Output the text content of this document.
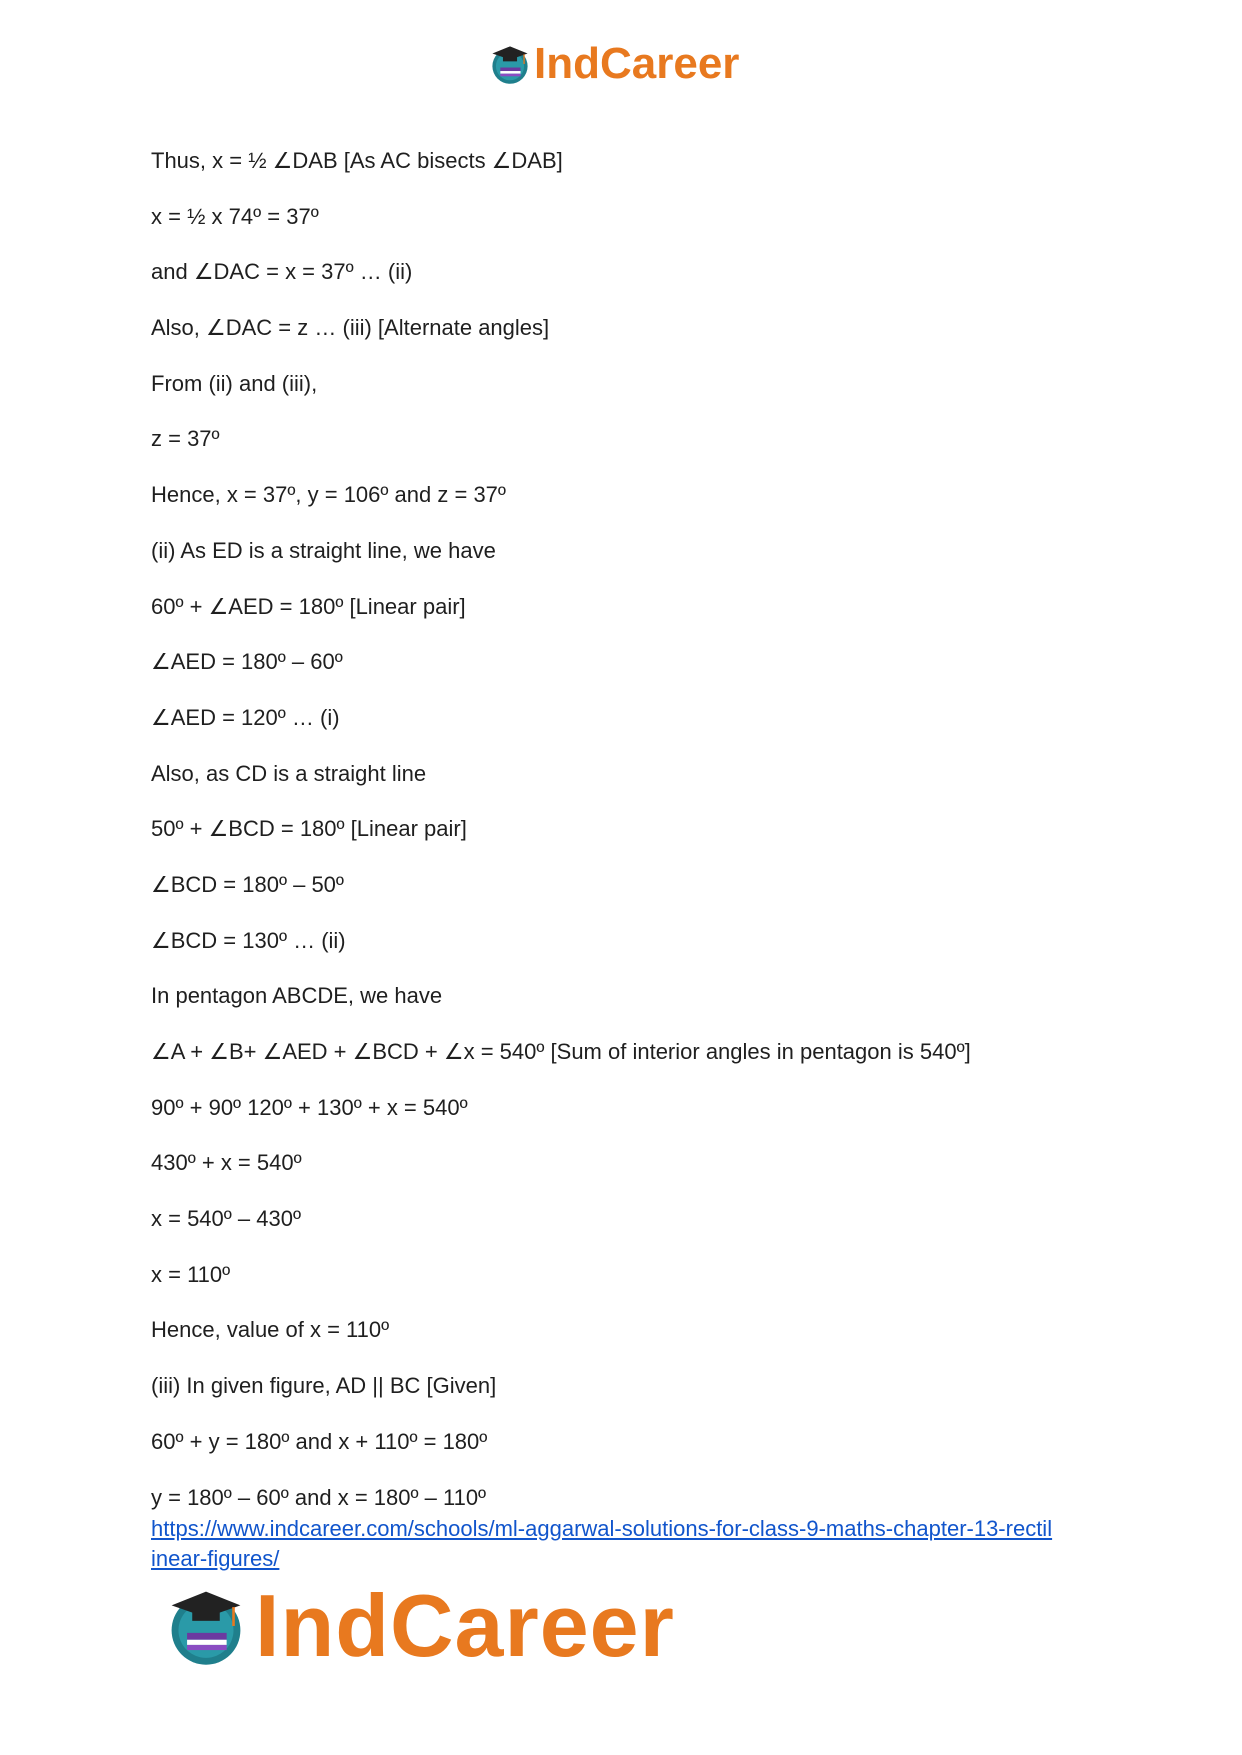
IndCareer
Thus, x = ½ ∠DAB [As AC bisects ∠DAB]
x = ½ x 74º = 37º
and ∠DAC = x = 37º … (ii)
Also, ∠DAC = z … (iii) [Alternate angles]
From (ii) and (iii),
z = 37º
Hence, x = 37º, y = 106º and z = 37º
(ii) As ED is a straight line, we have
60º + ∠AED = 180º [Linear pair]
∠AED = 180º – 60º
∠AED = 120º … (i)
Also, as CD is a straight line
50º + ∠BCD = 180º [Linear pair]
∠BCD = 180º – 50º
∠BCD = 130º … (ii)
In pentagon ABCDE, we have
∠A + ∠B+ ∠AED + ∠BCD + ∠x = 540º [Sum of interior angles in pentagon is 540º]
90º + 90º 120º + 130º + x = 540º
430º + x = 540º
x = 540º – 430º
x = 110º
Hence, value of x = 110º
(iii) In given figure, AD || BC [Given]
60º + y = 180º and x + 110º = 180º
y = 180º – 60º and x = 180º – 110º
https://www.indcareer.com/schools/ml-aggarwal-solutions-for-class-9-maths-chapter-13-rectil
inear-figures/
IndCareer
